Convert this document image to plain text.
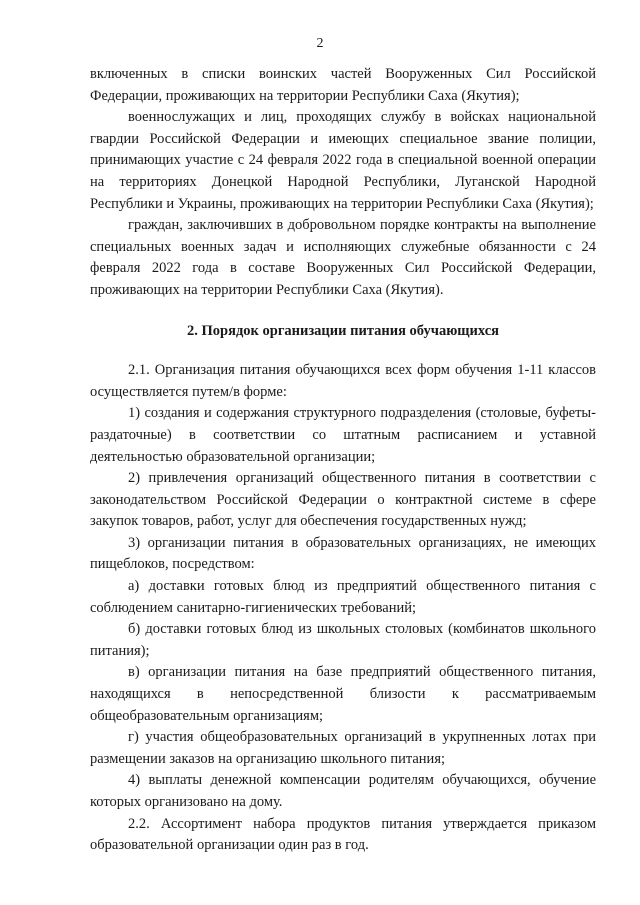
2

включенных в списки воинских частей Вооруженных Сил Российской Федерации, проживающих на территории Республики Саха (Якутия);

военнослужащих и лиц, проходящих службу в войсках национальной гвардии Российской Федерации и имеющих специальное звание полиции, принимающих участие с 24 февраля 2022 года в специальной военной операции на территориях Донецкой Народной Республики, Луганской Народной Республики и Украины, проживающих на территории Республики Саха (Якутия);

граждан, заключивших в добровольном порядке контракты на выполнение специальных военных задач и исполняющих служебные обязанности с 24 февраля 2022 года в составе Вооруженных Сил Российской Федерации, проживающих на территории Республики Саха (Якутия).

2. Порядок организации питания обучающихся

2.1. Организация питания обучающихся всех форм обучения 1-11 классов осуществляется путем/в форме:

1) создания и содержания структурного подразделения (столовые, буфеты-раздаточные) в соответствии со штатным расписанием и уставной деятельностью образовательной организации;

2) привлечения организаций общественного питания в соответствии с законодательством Российской Федерации о контрактной системе в сфере закупок товаров, работ, услуг для обеспечения государственных нужд;

3) организации питания в образовательных организациях, не имеющих пищеблоков, посредством:

а) доставки готовых блюд из предприятий общественного питания с соблюдением санитарно-гигиенических требований;

б) доставки готовых блюд из школьных столовых (комбинатов школьного питания);

в) организации питания на базе предприятий общественного питания, находящихся в непосредственной близости к рассматриваемым общеобразовательным организациям;

г) участия общеобразовательных организаций в укрупненных лотах при размещении заказов на организацию школьного питания;

4) выплаты денежной компенсации родителям обучающихся, обучение которых организовано на дому.

2.2. Ассортимент набора продуктов питания утверждается приказом образовательной организации один раз в год.
